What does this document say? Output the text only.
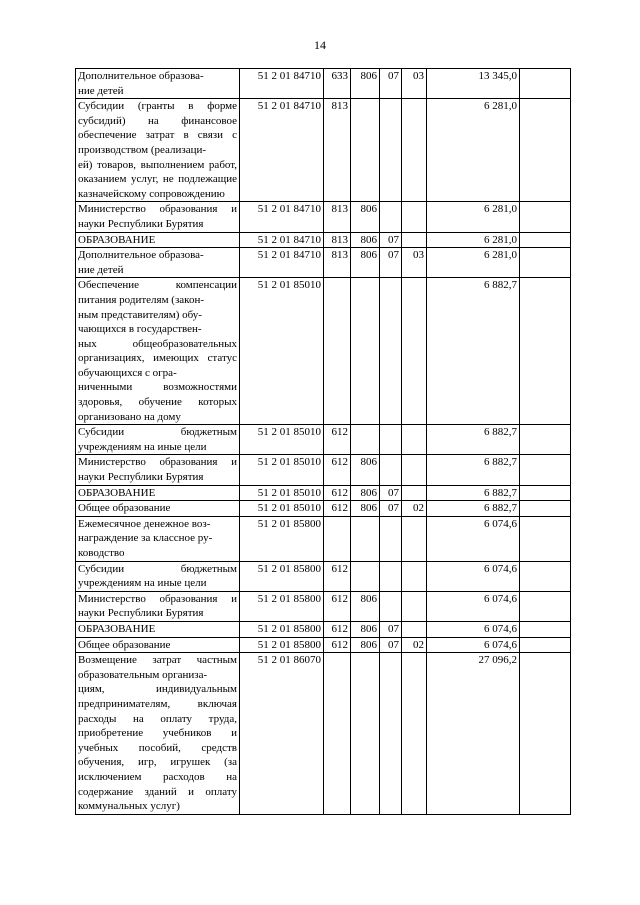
14
Дополнительное образова-
ние детей	51 2 01 84710	633	806	07	03	13 345,0	
Субсидии (гранты в форме субсидий) на финансовое обеспечение затрат в связи с производством (реализаци-
ей) товаров, выполнением работ, оказанием услуг, не подлежащие казначейскому сопровождению	51 2 01 84710	813				6 281,0	
Министерство образования и науки Республики Бурятия	51 2 01 84710	813	806			6 281,0	
ОБРАЗОВАНИЕ	51 2 01 84710	813	806	07		6 281,0	
Дополнительное образова-
ние детей	51 2 01 84710	813	806	07	03	6 281,0	
Обеспечение компенсации питания родителям (закон-
ным представителям) обу-
чающихся в государствен-
ных общеобразовательных организациях, имеющих статус обучающихся с огра-
ниченными возможностями здоровья, обучение которых организовано на дому	51 2 01 85010					6 882,7	
Субсидии бюджетным учреждениям на иные цели	51 2 01 85010	612				6 882,7	
Министерство образования и науки Республики Бурятия	51 2 01 85010	612	806			6 882,7	
ОБРАЗОВАНИЕ	51 2 01 85010	612	806	07		6 882,7	
Общее образование	51 2 01 85010	612	806	07	02	6 882,7	
Ежемесячное денежное воз-
награждение за классное ру-
ководство	51 2 01 85800					6 074,6	
Субсидии бюджетным учреждениям на иные цели	51 2 01 85800	612				6 074,6	
Министерство образования и науки Республики Бурятия	51 2 01 85800	612	806			6 074,6	
ОБРАЗОВАНИЕ	51 2 01 85800	612	806	07		6 074,6	
Общее образование	51 2 01 85800	612	806	07	02	6 074,6	
Возмещение затрат частным образовательным организа-
циям, индивидуальным предпринимателям, включая расходы на оплату труда, приобретение учебников и учебных пособий, средств обучения, игр, игрушек (за исключением расходов на содержание зданий и оплату коммунальных услуг)	51 2 01 86070					27 096,2	
